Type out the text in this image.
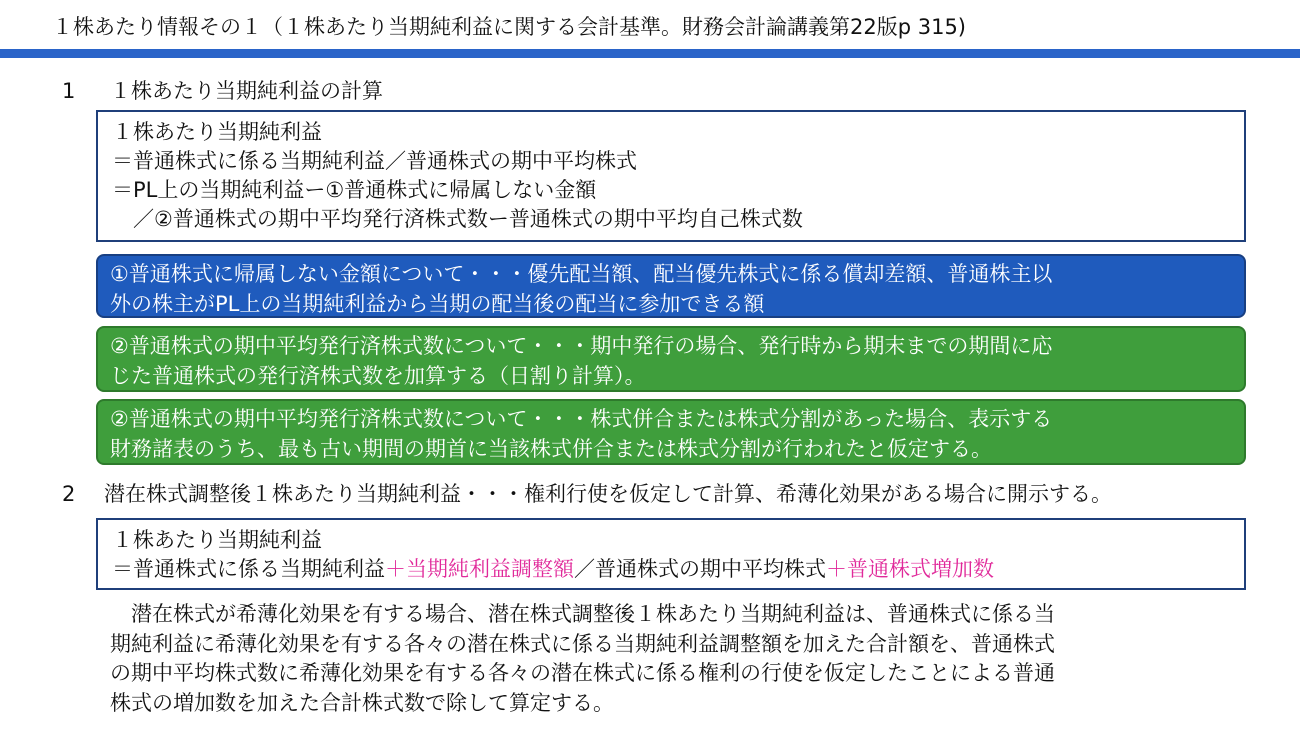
１株あたり情報その１（１株あたり当期純利益に関する会計基準。財務会計論講義第22版p 315)
1 １株あたり当期純利益の計算
１株あたり当期純利益
＝普通株式に係る当期純利益／普通株式の期中平均株式
＝PL上の当期純利益ー①普通株式に帰属しない金額
　／②普通株式の期中平均発行済株式数ー普通株式の期中平均自己株式数
①普通株式に帰属しない金額について・・・優先配当額、配当優先株式に係る償却差額、普通株主以
外の株主がPL上の当期純利益から当期の配当後の配当に参加できる額
②普通株式の期中平均発行済株式数について・・・期中発行の場合、発行時から期末までの期間に応
じた普通株式の発行済株式数を加算する（日割り計算）。
②普通株式の期中平均発行済株式数について・・・株式併合または株式分割があった場合、表示する
財務諸表のうち、最も古い期間の期首に当該株式併合または株式分割が行われたと仮定する。
2 潜在株式調整後１株あたり当期純利益・・・権利行使を仮定して計算、希薄化効果がある場合に開示する。
１株あたり当期純利益
＝普通株式に係る当期純利益＋当期純利益調整額／普通株式の期中平均株式＋普通株式増加数
　潜在株式が希薄化効果を有する場合、潜在株式調整後１株あたり当期純利益は、普通株式に係る当
期純利益に希薄化効果を有する各々の潜在株式に係る当期純利益調整額を加えた合計額を、普通株式
の期中平均株式数に希薄化効果を有する各々の潜在株式に係る権利の行使を仮定したことによる普通
株式の増加数を加えた合計株式数で除して算定する。
